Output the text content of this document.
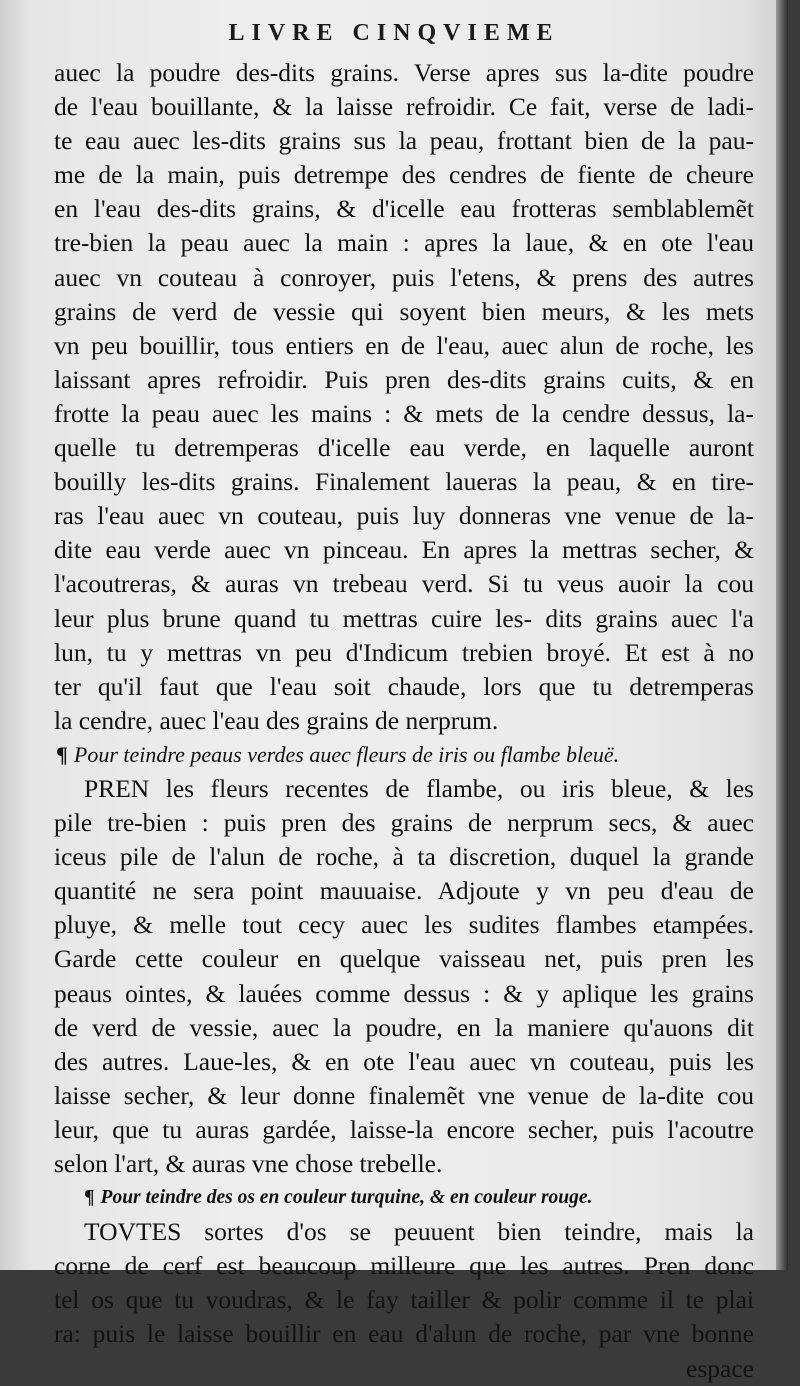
LIVRE CINQVIEME
auec la poudre des-dits grains. Verse apres sus la-dite poudre
de l'eau bouillante, & la laisse refroidir. Ce fait, verse de ladi-
te eau auec les-dits grains sus la peau, frottant bien de la pau-
me de la main, puis detrempe des cendres de fiente de cheure
en l'eau des-dits grains, & d'icelle eau frotteras semblablemẽt
tre-bien la peau auec la main : apres la laue, & en ote l'eau
auec vn couteau à conroyer, puis l'etens, & prens des autres
grains de verd de vessie qui soyent bien meurs, & les mets
vn peu bouillir, tous entiers en de l'eau, auec alun de roche, les
laissant apres refroidir. Puis pren des-dits grains cuits, & en
frotte la peau auec les mains : & mets de la cendre dessus, la-
quelle tu detremperas d'icelle eau verde, en laquelle auront
bouilly les-dits grains. Finalement laueras la peau, & en tire-
ras l'eau auec vn couteau, puis luy donneras vne venue de la-
dite eau verde auec vn pinceau. En apres la mettras secher, &
l'acoutreras, & auras vn trebeau verd. Si tu veus auoir la cou
leur plus brune quand tu mettras cuire les- dits grains auec l'a
lun, tu y mettras vn peu d'Indicum trebien broyé. Et est à no
ter qu'il faut que l'eau soit chaude, lors que tu detremperas
la cendre, auec l'eau des grains de nerprum.
¶ Pour teindre peaus verdes auec fleurs de iris ou flambe bleuë.
PREN les fleurs recentes de flambe, ou iris bleue, & les
pile tre-bien : puis pren des grains de nerprum secs, & auec
iceus pile de l'alun de roche, à ta discretion, duquel la grande
quantité ne sera point mauuaise. Adjoute y vn peu d'eau de
pluye, & melle tout cecy auec les sudites flambes etampées.
Garde cette couleur en quelque vaisseau net, puis pren les
peaus ointes, & lauées comme dessus : & y aplique les grains
de verd de vessie, auec la poudre, en la maniere qu'auons dit
des autres. Laue-les, & en ote l'eau auec vn couteau, puis les
laisse secher, & leur donne finalemẽt vne venue de la-dite cou
leur, que tu auras gardée, laisse-la encore secher, puis l'acoutre
selon l'art, & auras vne chose trebelle.
¶ Pour teindre des os en couleur turquine, & en couleur rouge.
TOVTES sortes d'os se peuuent bien teindre, mais la
corne de cerf est beaucoup milleure que les autres. Pren donc
tel os que tu voudras, & le fay tailler & polir comme il te plai
ra: puis le laisse bouillir en eau d'alun de roche, par vne bonne
espace
